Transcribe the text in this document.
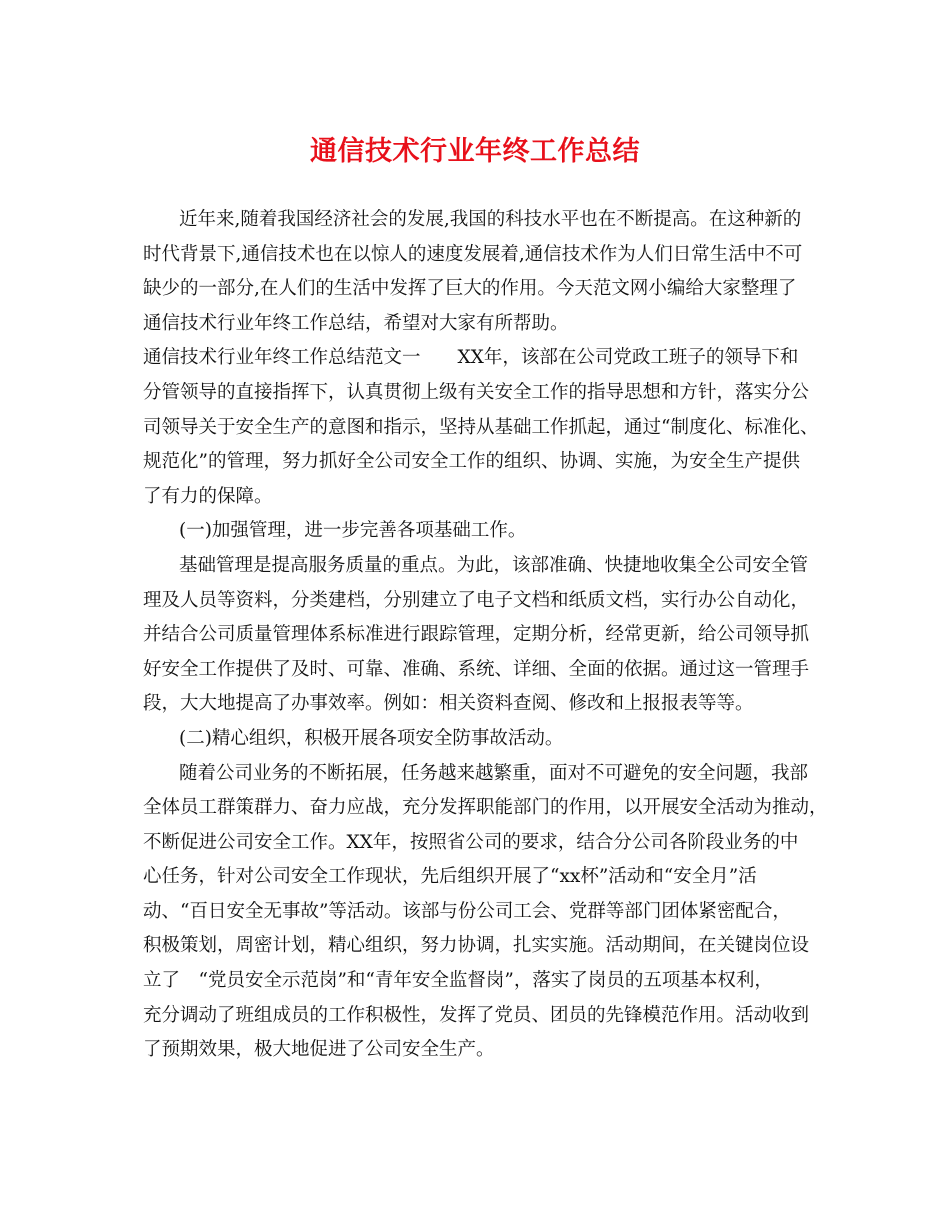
通信技术行业年终工作总结
近年来,随着我国经济社会的发展,我国的科技水平也在不断提高。在这种新的
时代背景下,通信技术也在以惊人的速度发展着,通信技术作为人们日常生活中不可
缺少的一部分,在人们的生活中发挥了巨大的作用。今天范文网小编给大家整理了
通信技术行业年终工作总结，希望对大家有所帮助。
通信技术行业年终工作总结范文一　　XX年，该部在公司党政工班子的领导下和
分管领导的直接指挥下，认真贯彻上级有关安全工作的指导思想和方针，落实分公
司领导关于安全生产的意图和指示，坚持从基础工作抓起，通过“制度化、标准化、
规范化”的管理，努力抓好全公司安全工作的组织、协调、实施，为安全生产提供
了有力的保障。
(一)加强管理，进一步完善各项基础工作。
基础管理是提高服务质量的重点。为此，该部准确、快捷地收集全公司安全管
理及人员等资料，分类建档，分别建立了电子文档和纸质文档，实行办公自动化，
并结合公司质量管理体系标准进行跟踪管理，定期分析，经常更新，给公司领导抓
好安全工作提供了及时、可靠、准确、系统、详细、全面的依据。通过这一管理手
段，大大地提高了办事效率。例如：相关资料查阅、修改和上报报表等等。
(二)精心组织，积极开展各项安全防事故活动。
随着公司业务的不断拓展，任务越来越繁重，面对不可避免的安全问题，我部
全体员工群策群力、奋力应战，充分发挥职能部门的作用，以开展安全活动为推动，
不断促进公司安全工作。XX年，按照省公司的要求，结合分公司各阶段业务的中
心任务，针对公司安全工作现状，先后组织开展了“xx杯”活动和“安全月”活
动、“百日安全无事故”等活动。该部与份公司工会、党群等部门团体紧密配合，
积极策划，周密计划，精心组织，努力协调，扎实实施。活动期间，在关键岗位设
立了　“党员安全示范岗”和“青年安全监督岗”，落实了岗员的五项基本权利，
充分调动了班组成员的工作积极性，发挥了党员、团员的先锋模范作用。活动收到
了预期效果，极大地促进了公司安全生产。
